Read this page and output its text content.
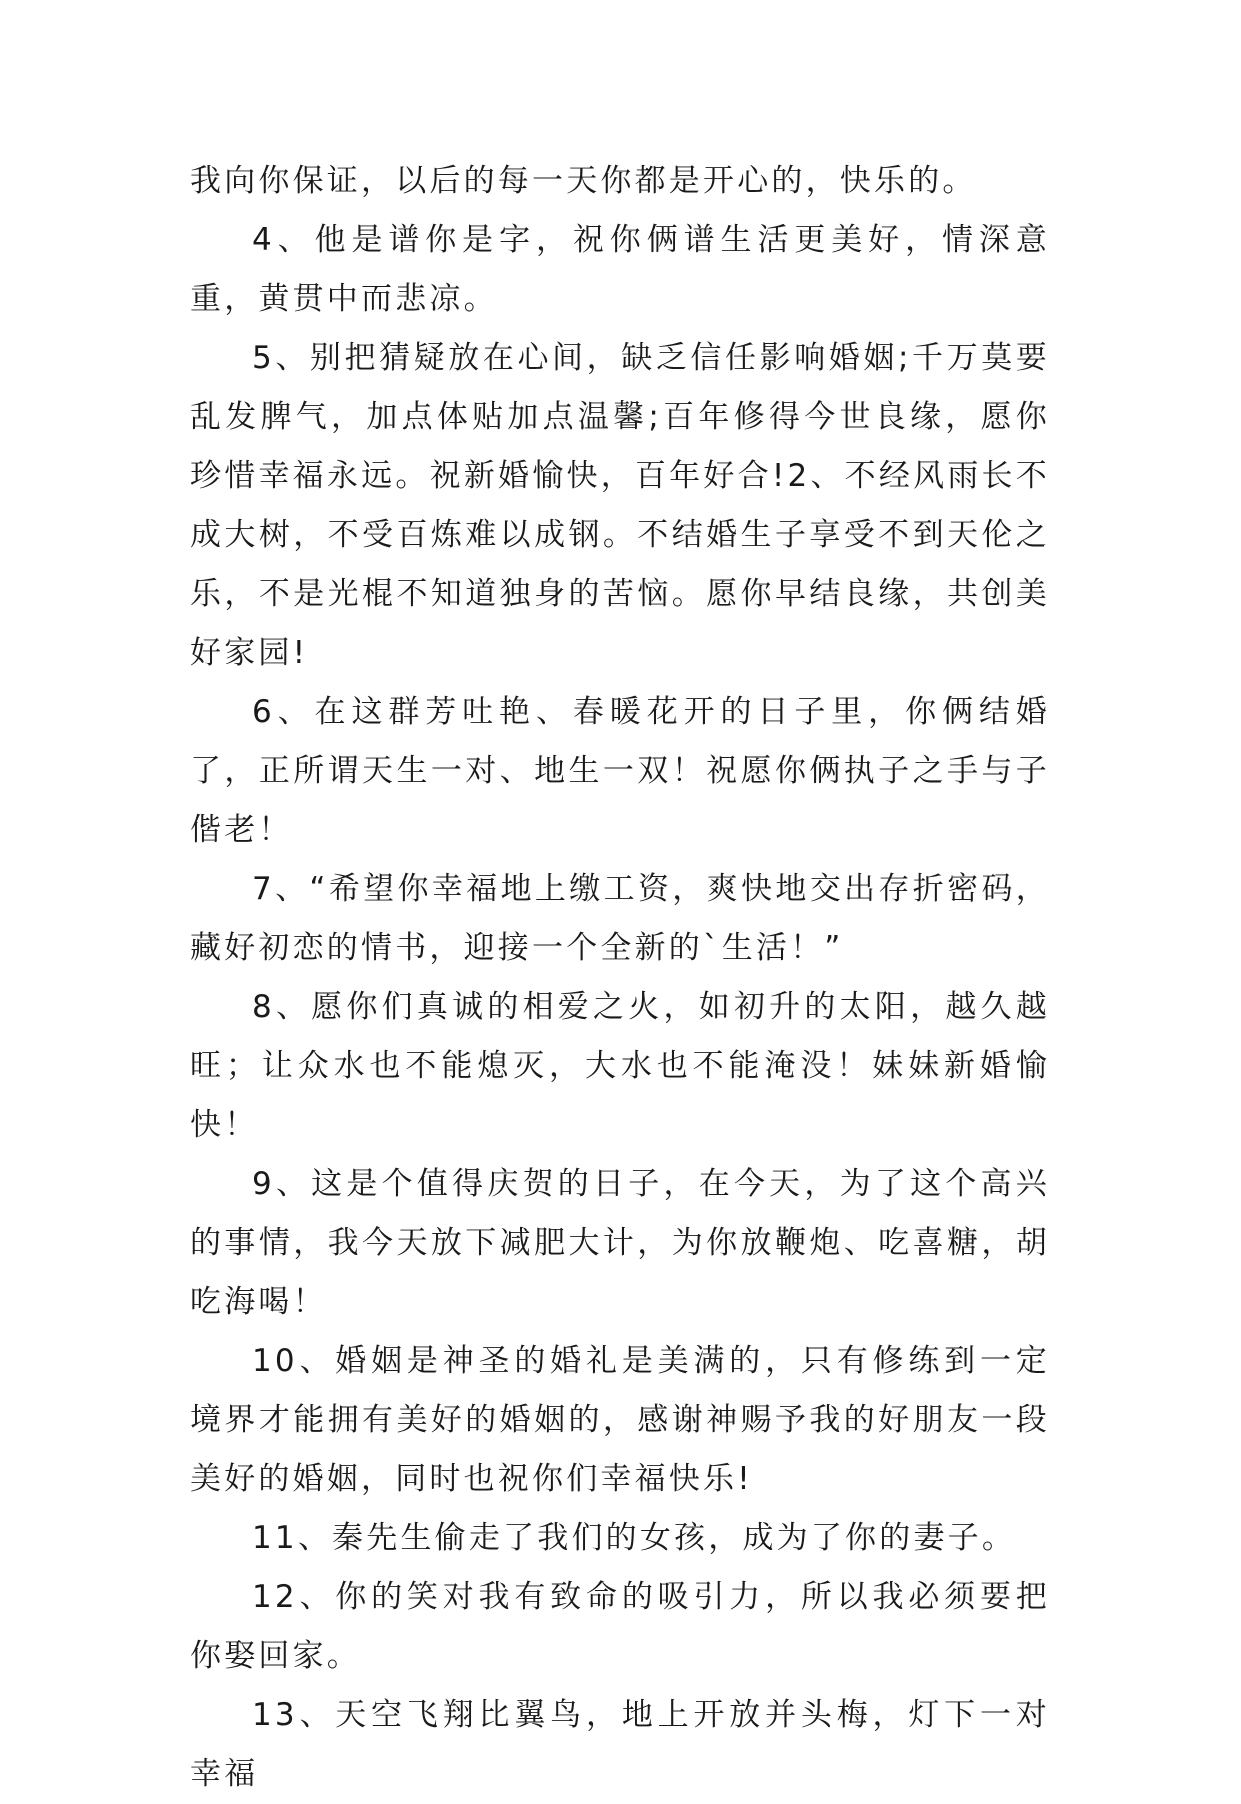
我向你保证，以后的每一天你都是开心的，快乐的。

4、他是谱你是字，祝你俩谱生活更美好，情深意重，黄贯中而悲凉。

5、别把猜疑放在心间，缺乏信任影响婚姻;千万莫要乱发脾气，加点体贴加点温馨;百年修得今世良缘，愿你珍惜幸福永远。祝新婚愉快，百年好合!2、不经风雨长不成大树，不受百炼难以成钢。不结婚生子享受不到天伦之乐，不是光棍不知道独身的苦恼。愿你早结良缘，共创美好家园!

6、在这群芳吐艳、春暖花开的日子里，你俩结婚了，正所谓天生一对、地生一双！祝愿你俩执子之手与子偕老！

7、“希望你幸福地上缴工资，爽快地交出存折密码，藏好初恋的情书，迎接一个全新的`生活！”

8、愿你们真诚的相爱之火，如初升的太阳，越久越旺；让众水也不能熄灭，大水也不能淹没！妹妹新婚愉快！

9、这是个值得庆贺的日子，在今天，为了这个高兴的事情，我今天放下减肥大计，为你放鞭炮、吃喜糖，胡吃海喝！

10、婚姻是神圣的婚礼是美满的，只有修练到一定境界才能拥有美好的婚姻的，感谢神赐予我的好朋友一段美好的婚姻，同时也祝你们幸福快乐!

11、秦先生偷走了我们的女孩，成为了你的妻子。

12、你的笑对我有致命的吸引力，所以我必须要把你娶回家。

13、天空飞翔比翼鸟，地上开放并头梅，灯下一对幸福
